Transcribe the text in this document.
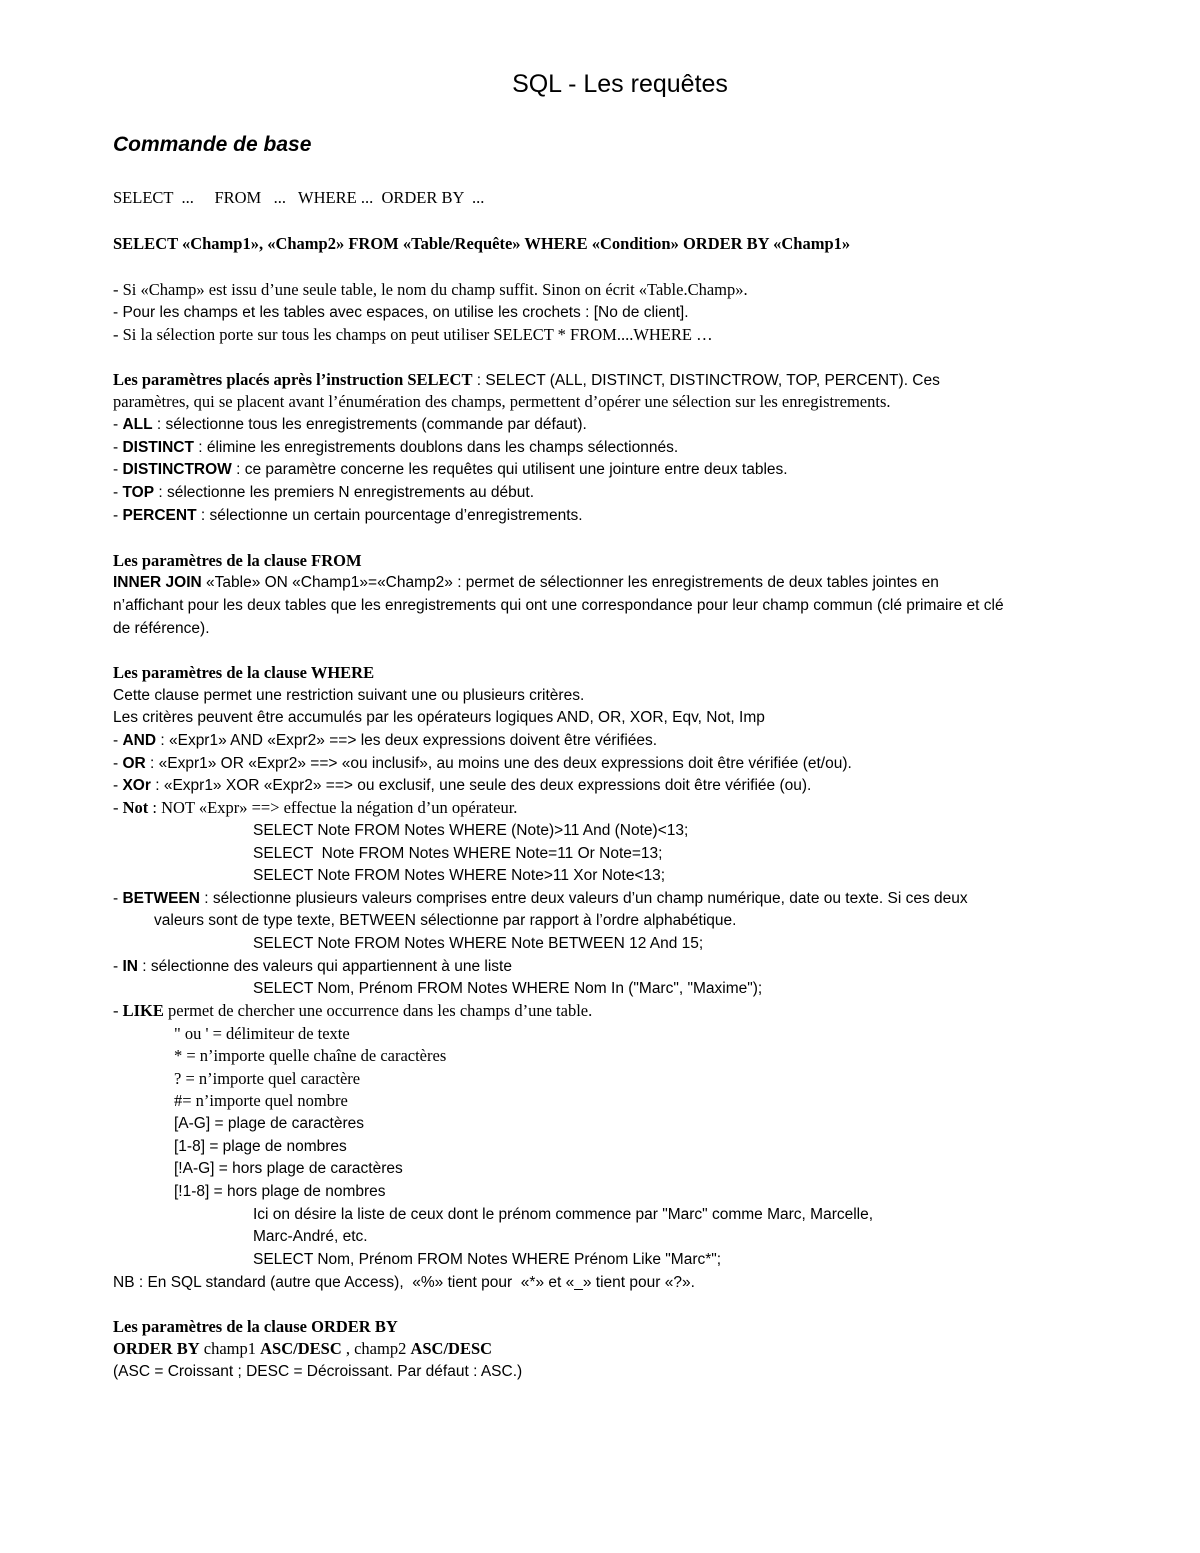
SQL - Les requêtes
Commande de base
SELECT  ...     FROM   ...   WHERE ...  ORDER BY  ...
SELECT «Champ1», «Champ2» FROM «Table/Requête» WHERE «Condition» ORDER BY «Champ1»
- Si «Champ» est issu d’une seule table, le nom du champ suffit. Sinon on écrit «Table.Champ».
- Pour les champs et les tables avec espaces, on utilise les crochets : [No de client].
- Si la sélection porte sur tous les champs on peut utiliser SELECT * FROM....WHERE …
Les paramètres placés après l’instruction SELECT : SELECT (ALL, DISTINCT, DISTINCTROW, TOP, PERCENT). Ces
paramètres, qui se placent avant l’énumération des champs, permettent d’opérer une sélection sur les enregistrements.
- ALL : sélectionne tous les enregistrements (commande par défaut).
- DISTINCT : élimine les enregistrements doublons dans les champs sélectionnés.
- DISTINCTROW : ce paramètre concerne les requêtes qui utilisent une jointure entre deux tables.
- TOP : sélectionne les premiers N enregistrements au début.
- PERCENT : sélectionne un certain pourcentage d’enregistrements.
Les paramètres de la clause FROM
INNER JOIN «Table» ON «Champ1»=«Champ2» : permet de sélectionner les enregistrements de deux tables jointes en
n’affichant pour les deux tables que les enregistrements qui ont une correspondance pour leur champ commun (clé primaire et clé
de référence).
Les paramètres de la clause WHERE
Cette clause permet une restriction suivant une ou plusieurs critères.
Les critères peuvent être accumulés par les opérateurs logiques AND, OR, XOR, Eqv, Not, Imp
- AND : «Expr1» AND «Expr2» ==> les deux expressions doivent être vérifiées.
- OR : «Expr1» OR «Expr2» ==> «ou inclusif», au moins une des deux expressions doit être vérifiée (et/ou).
- XOr : «Expr1» XOR «Expr2» ==> ou exclusif, une seule des deux expressions doit être vérifiée (ou).
- Not : NOT «Expr» ==> effectue la négation d’un opérateur.
SELECT Note FROM Notes WHERE (Note)>11 And (Note)<13;
SELECT  Note FROM Notes WHERE Note=11 Or Note=13;
SELECT Note FROM Notes WHERE Note>11 Xor Note<13;
- BETWEEN : sélectionne plusieurs valeurs comprises entre deux valeurs d’un champ numérique, date ou texte. Si ces deux
valeurs sont de type texte, BETWEEN sélectionne par rapport à l’ordre alphabétique.
SELECT Note FROM Notes WHERE Note BETWEEN 12 And 15;
- IN : sélectionne des valeurs qui appartiennent à une liste
SELECT Nom, Prénom FROM Notes WHERE Nom In ("Marc", "Maxime");
- LIKE permet de chercher une occurrence dans les champs d’une table.
" ou ' = délimiteur de texte
* = n’importe quelle chaîne de caractères
? = n’importe quel caractère
#= n’importe quel nombre
[A-G] = plage de caractères
[1-8] = plage de nombres
[!A-G] = hors plage de caractères
[!1-8] = hors plage de nombres
Ici on désire la liste de ceux dont le prénom commence par "Marc" comme Marc, Marcelle,
Marc-André, etc.
SELECT Nom, Prénom FROM Notes WHERE Prénom Like "Marc*";
NB : En SQL standard (autre que Access),  «%» tient pour  «*» et «_» tient pour «?».
Les paramètres de la clause ORDER BY
ORDER BY champ1 ASC/DESC , champ2 ASC/DESC
(ASC = Croissant ; DESC = Décroissant. Par défaut : ASC.)
